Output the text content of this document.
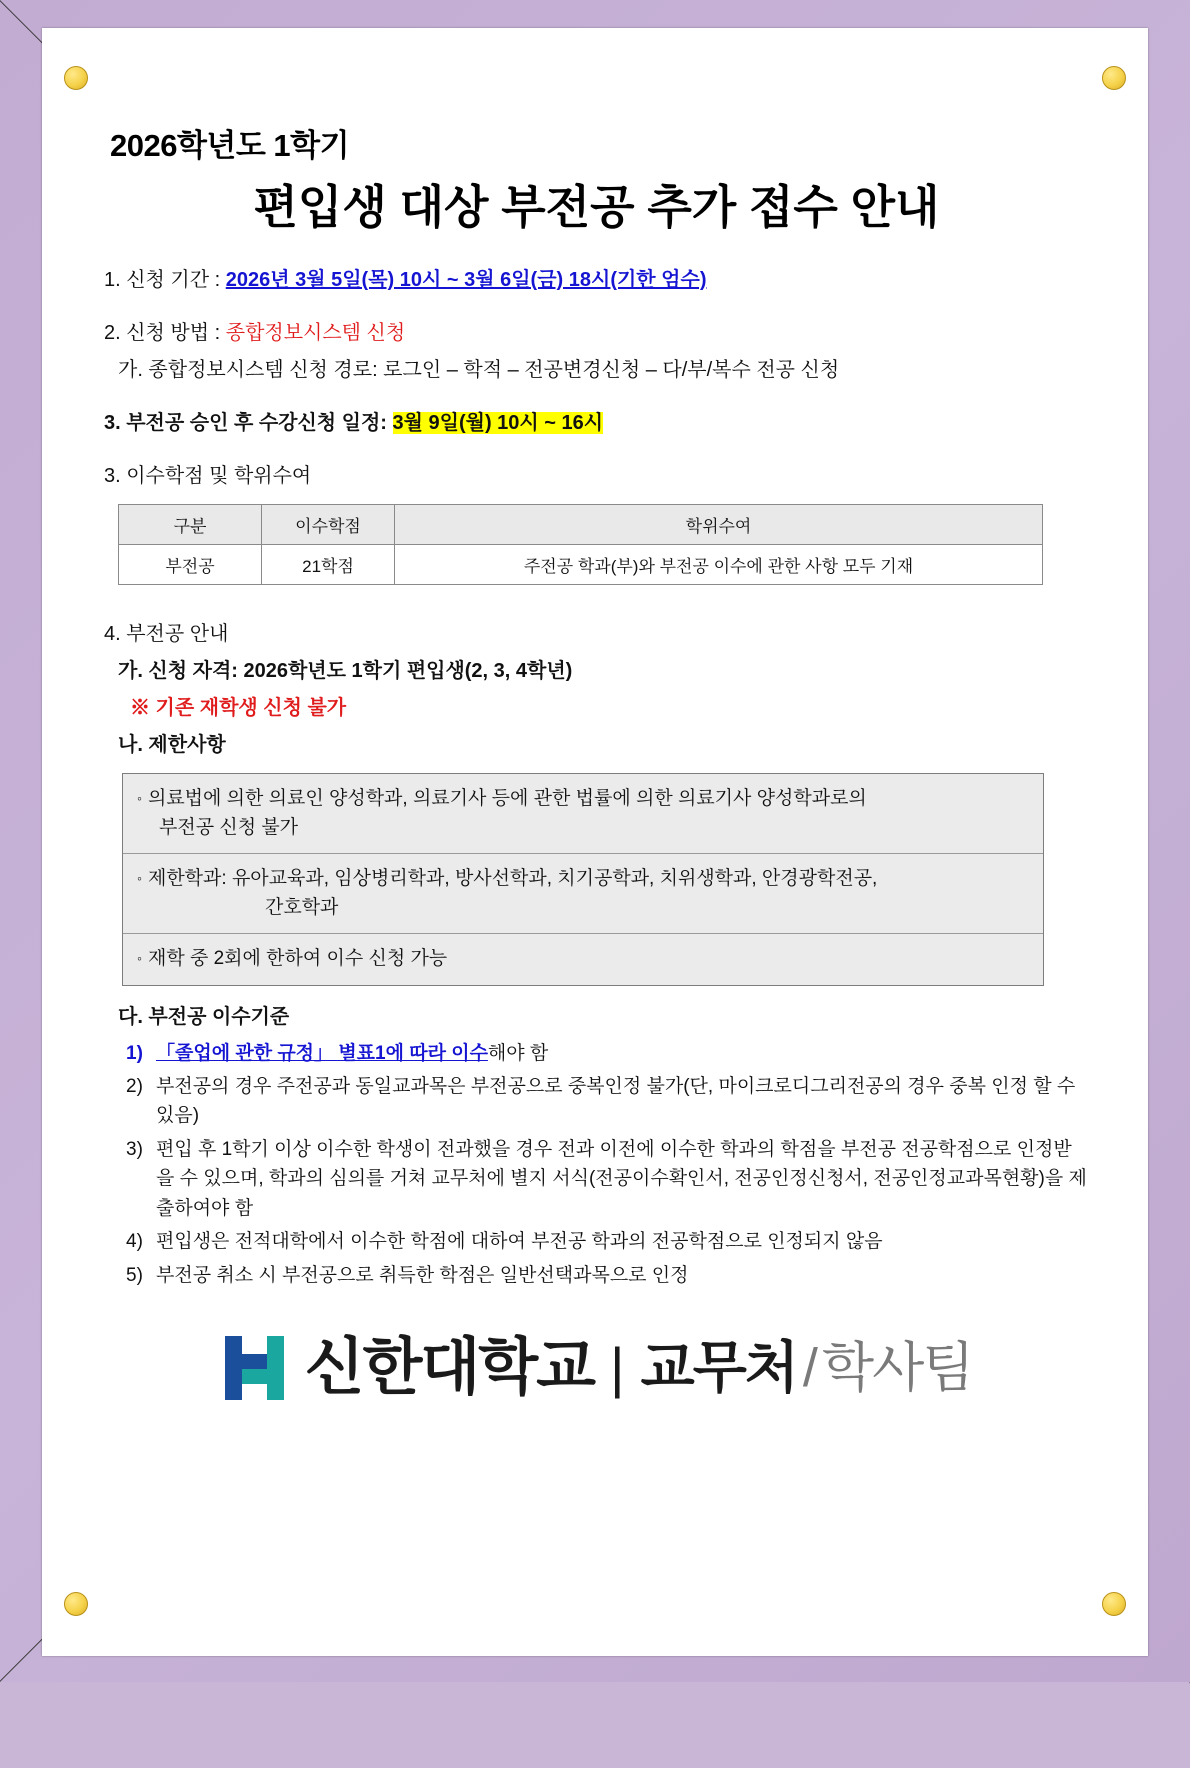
2026학년도 1학기
편입생 대상 부전공 추가 접수 안내
1. 신청 기간 : 2026년 3월 5일(목) 10시 ~ 3월 6일(금) 18시(기한 엄수)
2. 신청 방법 : 종합정보시스템 신청
가. 종합정보시스템 신청 경로: 로그인 – 학적 – 전공변경신청 – 다/부/복수 전공 신청
3. 부전공 승인 후 수강신청 일정: 3월 9일(월) 10시 ~ 16시
3. 이수학점 및 학위수여
구분	이수학점	학위수여
부전공	21학점	주전공 학과(부)와 부전공 이수에 관한 사항 모두 기재
4. 부전공 안내
가. 신청 자격: 2026학년도 1학기 편입생(2, 3, 4학년)
※ 기존 재학생 신청 불가
나. 제한사항
◦ 의료법에 의한 의료인 양성학과, 의료기사 등에 관한 법률에 의한 의료기사 양성학과로의
부전공 신청 불가
◦ 제한학과: 유아교육과, 임상병리학과, 방사선학과, 치기공학과, 치위생학과, 안경광학전공,
간호학과
◦ 재학 중 2회에 한하여 이수 신청 가능
다. 부전공 이수기준
1) 「졸업에 관한 규정」 별표1에 따라 이수해야 함
2) 부전공의 경우 주전공과 동일교과목은 부전공으로 중복인정 불가(단, 마이크로디그리전공의 경우 중복 인정 할 수 있음)
3) 편입 후 1학기 이상 이수한 학생이 전과했을 경우 전과 이전에 이수한 학과의 학점을 부전공 전공학점으로 인정받을 수 있으며, 학과의 심의를 거쳐 교무처에 별지 서식(전공이수확인서, 전공인정신청서, 전공인정교과목현황)을 제출하여야 함
4) 편입생은 전적대학에서 이수한 학점에 대하여 부전공 학과의 전공학점으로 인정되지 않음
5) 부전공 취소 시 부전공으로 취득한 학점은 일반선택과목으로 인정
신한대학교 | 교무처 / 학사팀
